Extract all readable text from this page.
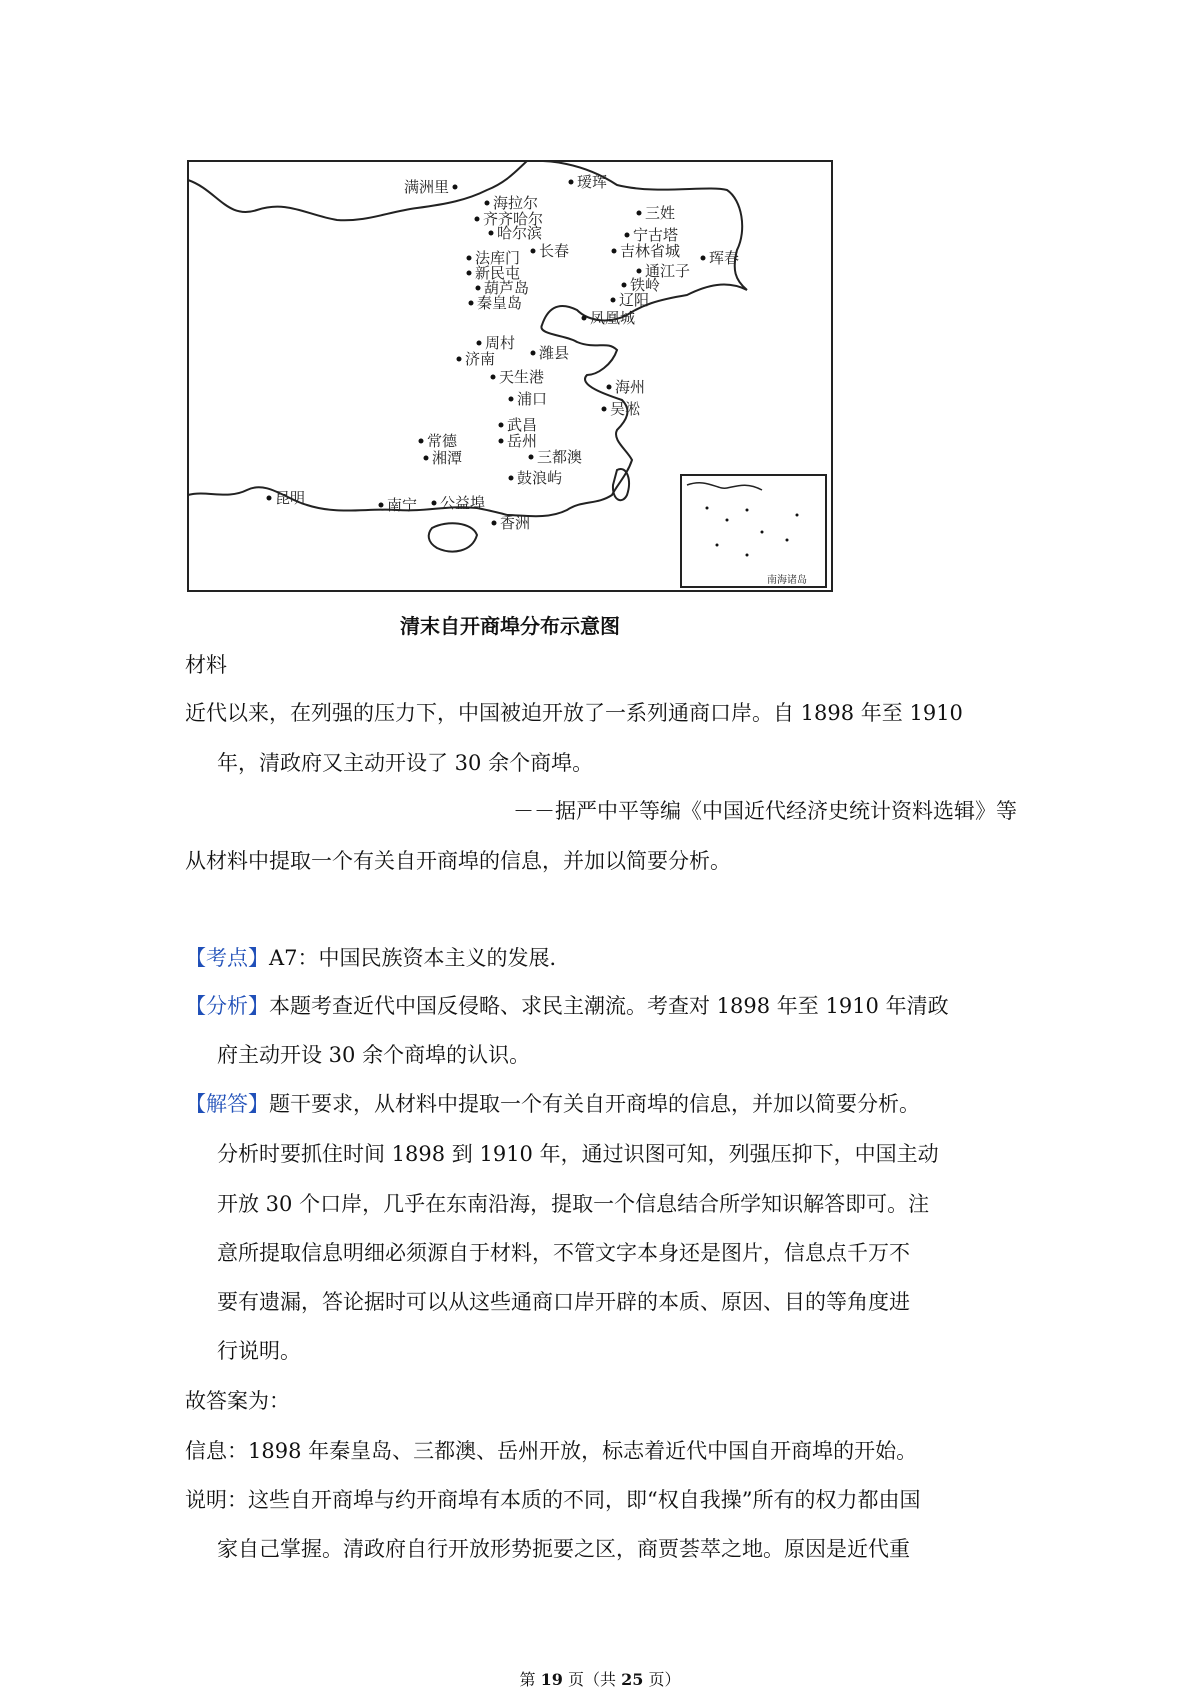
南海诸岛
满洲里	瑷珲
海拉尔
齐齐哈尔	三姓
哈尔滨	宁古塔
吉林省城
长春	珲春
法库门
通江子
新民屯
铁岭
葫芦岛
辽阳
秦皇岛
凤凰城
周村
济南	潍县
天生港
海州
浦口
吴淞
武昌
常德	岳州
湘潭	三都澳
鼓浪屿
昆明	南宁 公益埠
香洲
清末自开商埠分布示意图
材料
近代以来，在列强的压力下，中国被迫开放了一系列通商口岸。自 1898 年至 1910
年，清政府又主动开设了 30 余个商埠。
－－据严中平等编《中国近代经济史统计资料选辑》等
从材料中提取一个有关自开商埠的信息，并加以简要分析。
【考点】A7：中国民族资本主义的发展．
【分析】本题考查近代中国反侵略、求民主潮流。考查对 1898 年至 1910 年清政
府主动开设 30 余个商埠的认识。
【解答】题干要求，从材料中提取一个有关自开商埠的信息，并加以简要分析。
分析时要抓住时间 1898 到 1910 年，通过识图可知，列强压抑下，中国主动
开放 30 个口岸，几乎在东南沿海，提取一个信息结合所学知识解答即可。注
意所提取信息明细必须源自于材料，不管文字本身还是图片，信息点千万不
要有遗漏，答论据时可以从这些通商口岸开辟的本质、原因、目的等角度进
行说明。
故答案为：
信息：1898 年秦皇岛、三都澳、岳州开放，标志着近代中国自开商埠的开始。
说明：这些自开商埠与约开商埠有本质的不同，即“权自我操”所有的权力都由国
家自己掌握。清政府自行开放形势扼要之区，商贾荟萃之地。原因是近代重
第 19 页（共 25 页）
